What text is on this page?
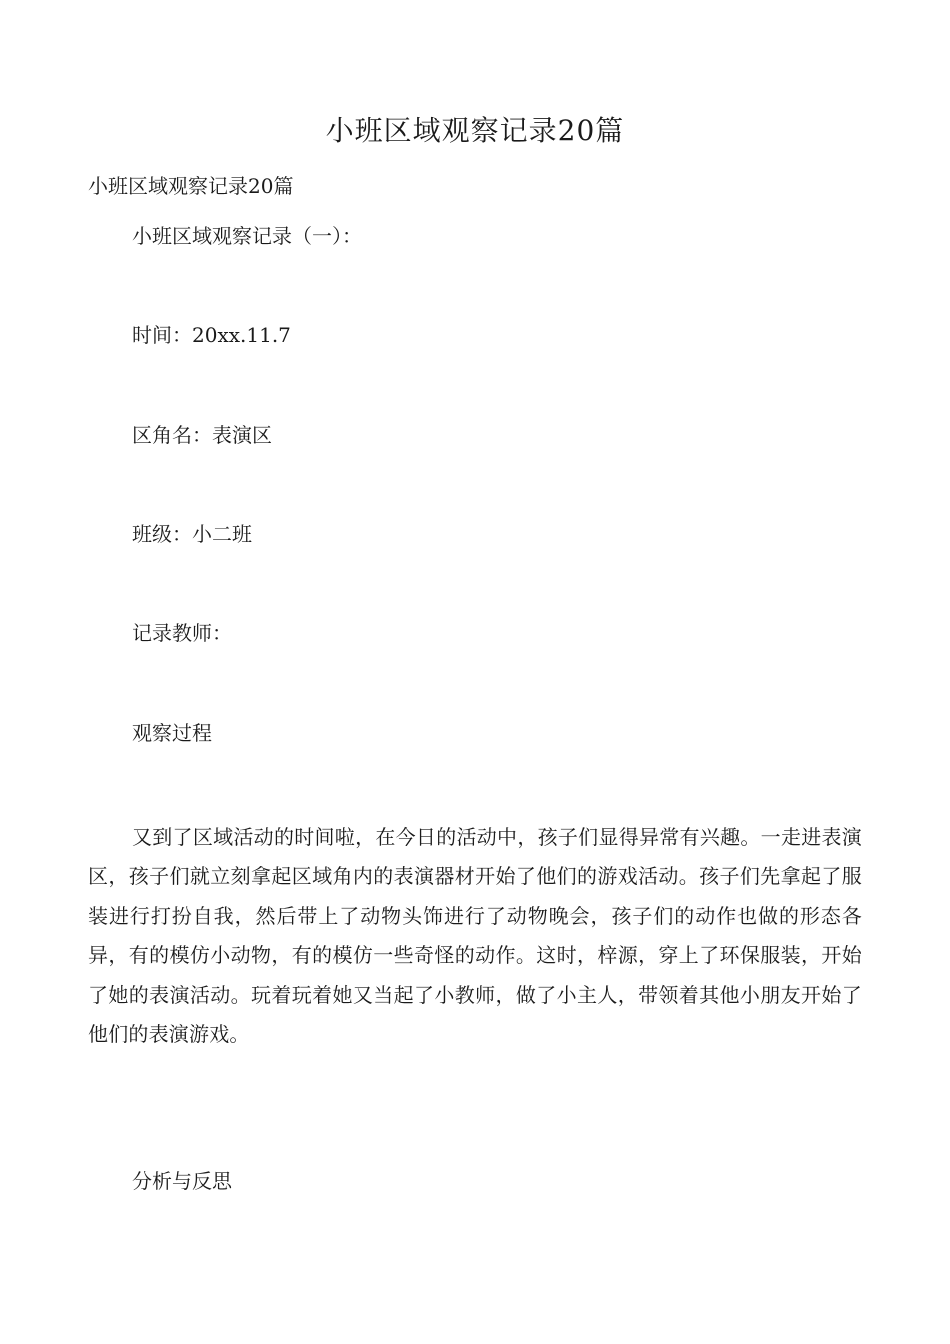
小班区域观察记录20篇
小班区域观察记录20篇
小班区域观察记录（一）：
时间：20xx.11.7
区角名：表演区
班级：小二班
记录教师：
观察过程
又到了区域活动的时间啦，在今日的活动中，孩子们显得异常有兴趣。一走进表演区，孩子们就立刻拿起区域角内的表演器材开始了他们的游戏活动。孩子们先拿起了服装进行打扮自我，然后带上了动物头饰进行了动物晚会，孩子们的动作也做的形态各异，有的模仿小动物，有的模仿一些奇怪的动作。这时，梓源，穿上了环保服装，开始了她的表演活动。玩着玩着她又当起了小教师，做了小主人，带领着其他小朋友开始了他们的表演游戏。
分析与反思
